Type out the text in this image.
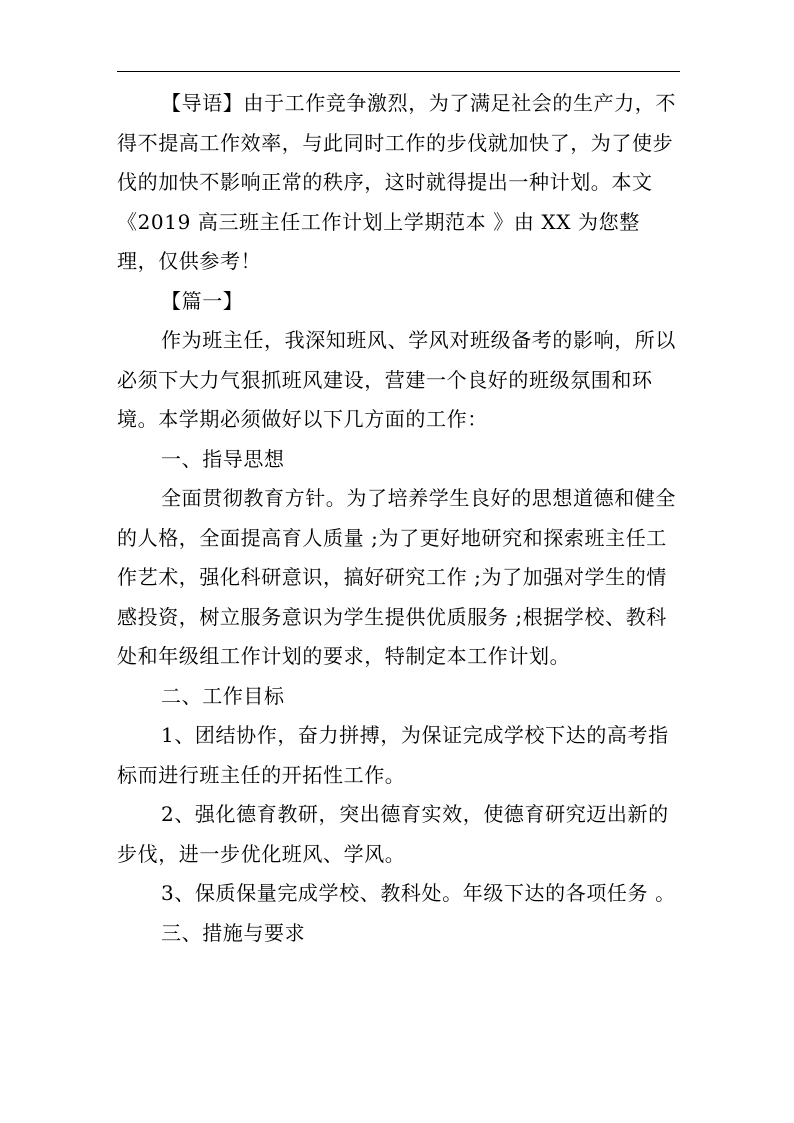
【导语】由于工作竞争激烈，为了满足社会的生产力，不得不提高工作效率，与此同时工作的步伐就加快了，为了使步伐的加快不影响正常的秩序，这时就得提出一种计划。本文《2019 高三班主任工作计划上学期范本 》由 XX 为您整理，仅供参考！

【篇一】

作为班主任，我深知班风、学风对班级备考的影响，所以必须下大力气狠抓班风建设，营建一个良好的班级氛围和环境。本学期必须做好以下几方面的工作：

一、指导思想

全面贯彻教育方针。为了培养学生良好的思想道德和健全的人格，全面提高育人质量 ;为了更好地研究和探索班主任工作艺术，强化科研意识，搞好研究工作 ;为了加强对学生的情感投资，树立服务意识为学生提供优质服务 ;根据学校、教科处和年级组工作计划的要求，特制定本工作计划。

二、工作目标

1、团结协作，奋力拼搏，为保证完成学校下达的高考指标而进行班主任的开拓性工作。

2、强化德育教研，突出德育实效，使德育研究迈出新的步伐，进一步优化班风、学风。

3、保质保量完成学校、教科处。年级下达的各项任务 。

三、措施与要求
